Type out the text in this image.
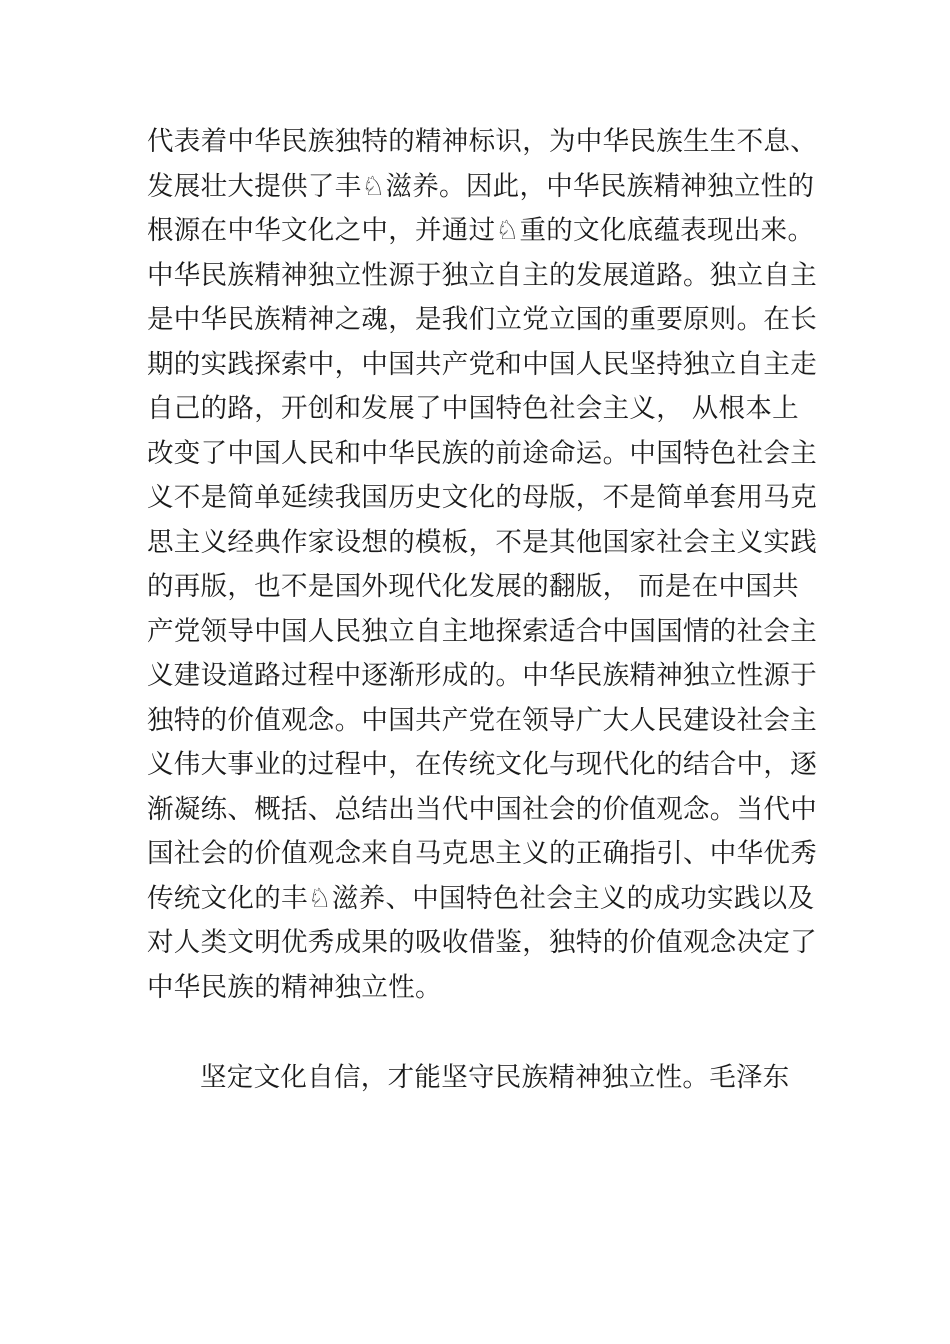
代表着中华民族独特的精神标识，为中华民族生生不息、
发展壮大提供了丰♘滋养。因此，中华民族精神独立性的
根源在中华文化之中，并通过♘重的文化底蕴表现出来。
中华民族精神独立性源于独立自主的发展道路。独立自主
是中华民族精神之魂，是我们立党立国的重要原则。在长
期的实践探索中，中国共产党和中国人民坚持独立自主走
自己的路，开创和发展了中国特色社会主义， 从根本上
改变了中国人民和中华民族的前途命运。中国特色社会主
义不是简单延续我国历史文化的母版，不是简单套用马克
思主义经典作家设想的模板，不是其他国家社会主义实践
的再版，也不是国外现代化发展的翻版， 而是在中国共
产党领导中国人民独立自主地探索适合中国国情的社会主
义建设道路过程中逐渐形成的。中华民族精神独立性源于
独特的价值观念。中国共产党在领导广大人民建设社会主
义伟大事业的过程中，在传统文化与现代化的结合中，逐
渐凝练、概括、总结出当代中国社会的价值观念。当代中
国社会的价值观念来自马克思主义的正确指引、中华优秀
传统文化的丰♘滋养、中国特色社会主义的成功实践以及
对人类文明优秀成果的吸收借鉴，独特的价值观念决定了
中华民族的精神独立性。
坚定文化自信，才能坚守民族精神独立性。毛泽东
